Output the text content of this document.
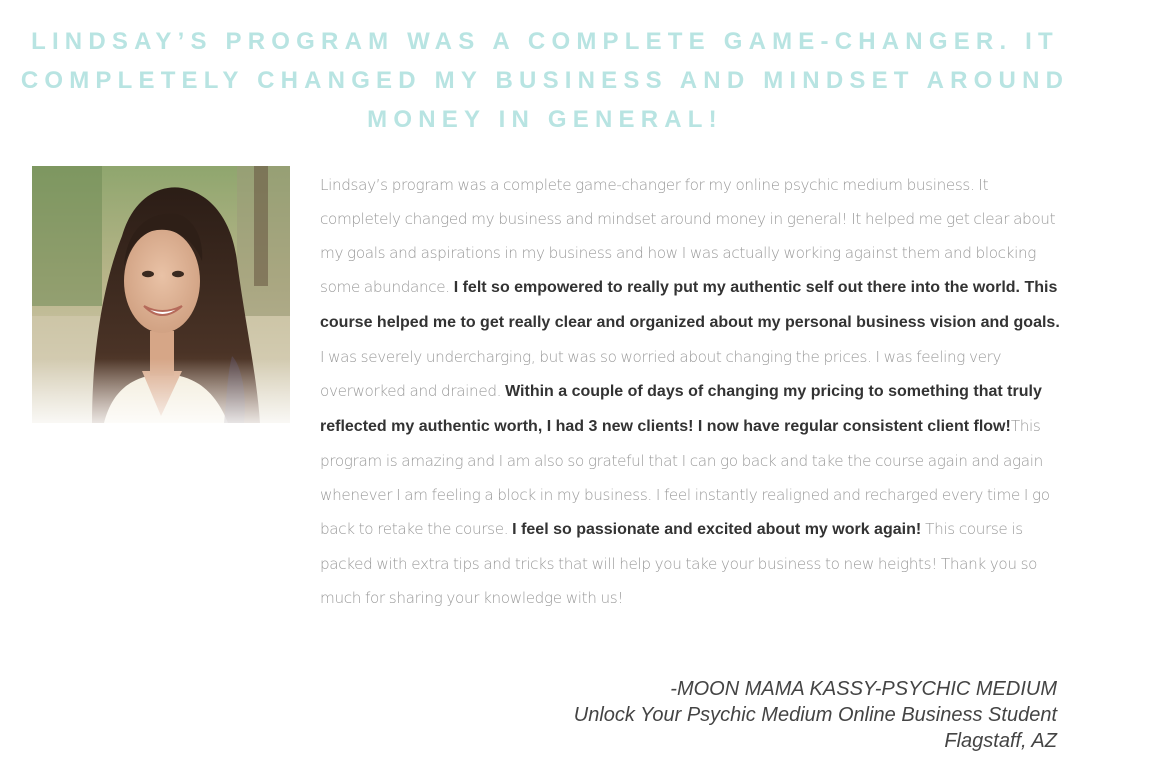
LINDSAY’S PROGRAM WAS A COMPLETE GAME-CHANGER. IT COMPLETELY CHANGED MY BUSINESS AND MINDSET AROUND MONEY IN GENERAL!

Lindsay’s program was a complete game-changer for my online psychic medium business. It completely changed my business and mindset around money in general! It helped me get clear about my goals and aspirations in my business and how I was actually working against them and blocking some abundance. I felt so empowered to really put my authentic self out there into the world. This course helped me to get really clear and organized about my personal business vision and goals. I was severely undercharging, but was so worried about changing the prices. I was feeling very overworked and drained. Within a couple of days of changing my pricing to something that truly reflected my authentic worth, I had 3 new clients! I now have regular consistent client flow!This program is amazing and I am also so grateful that I can go back and take the course again and again whenever I am feeling a block in my business. I feel instantly realigned and recharged every time I go back to retake the course. I feel so passionate and excited about my work again! This course is packed with extra tips and tricks that will help you take your business to new heights! Thank you so much for sharing your knowledge with us!

-MOON MAMA KASSY-PSYCHIC MEDIUM
Unlock Your Psychic Medium Online Business Student
Flagstaff, AZ
